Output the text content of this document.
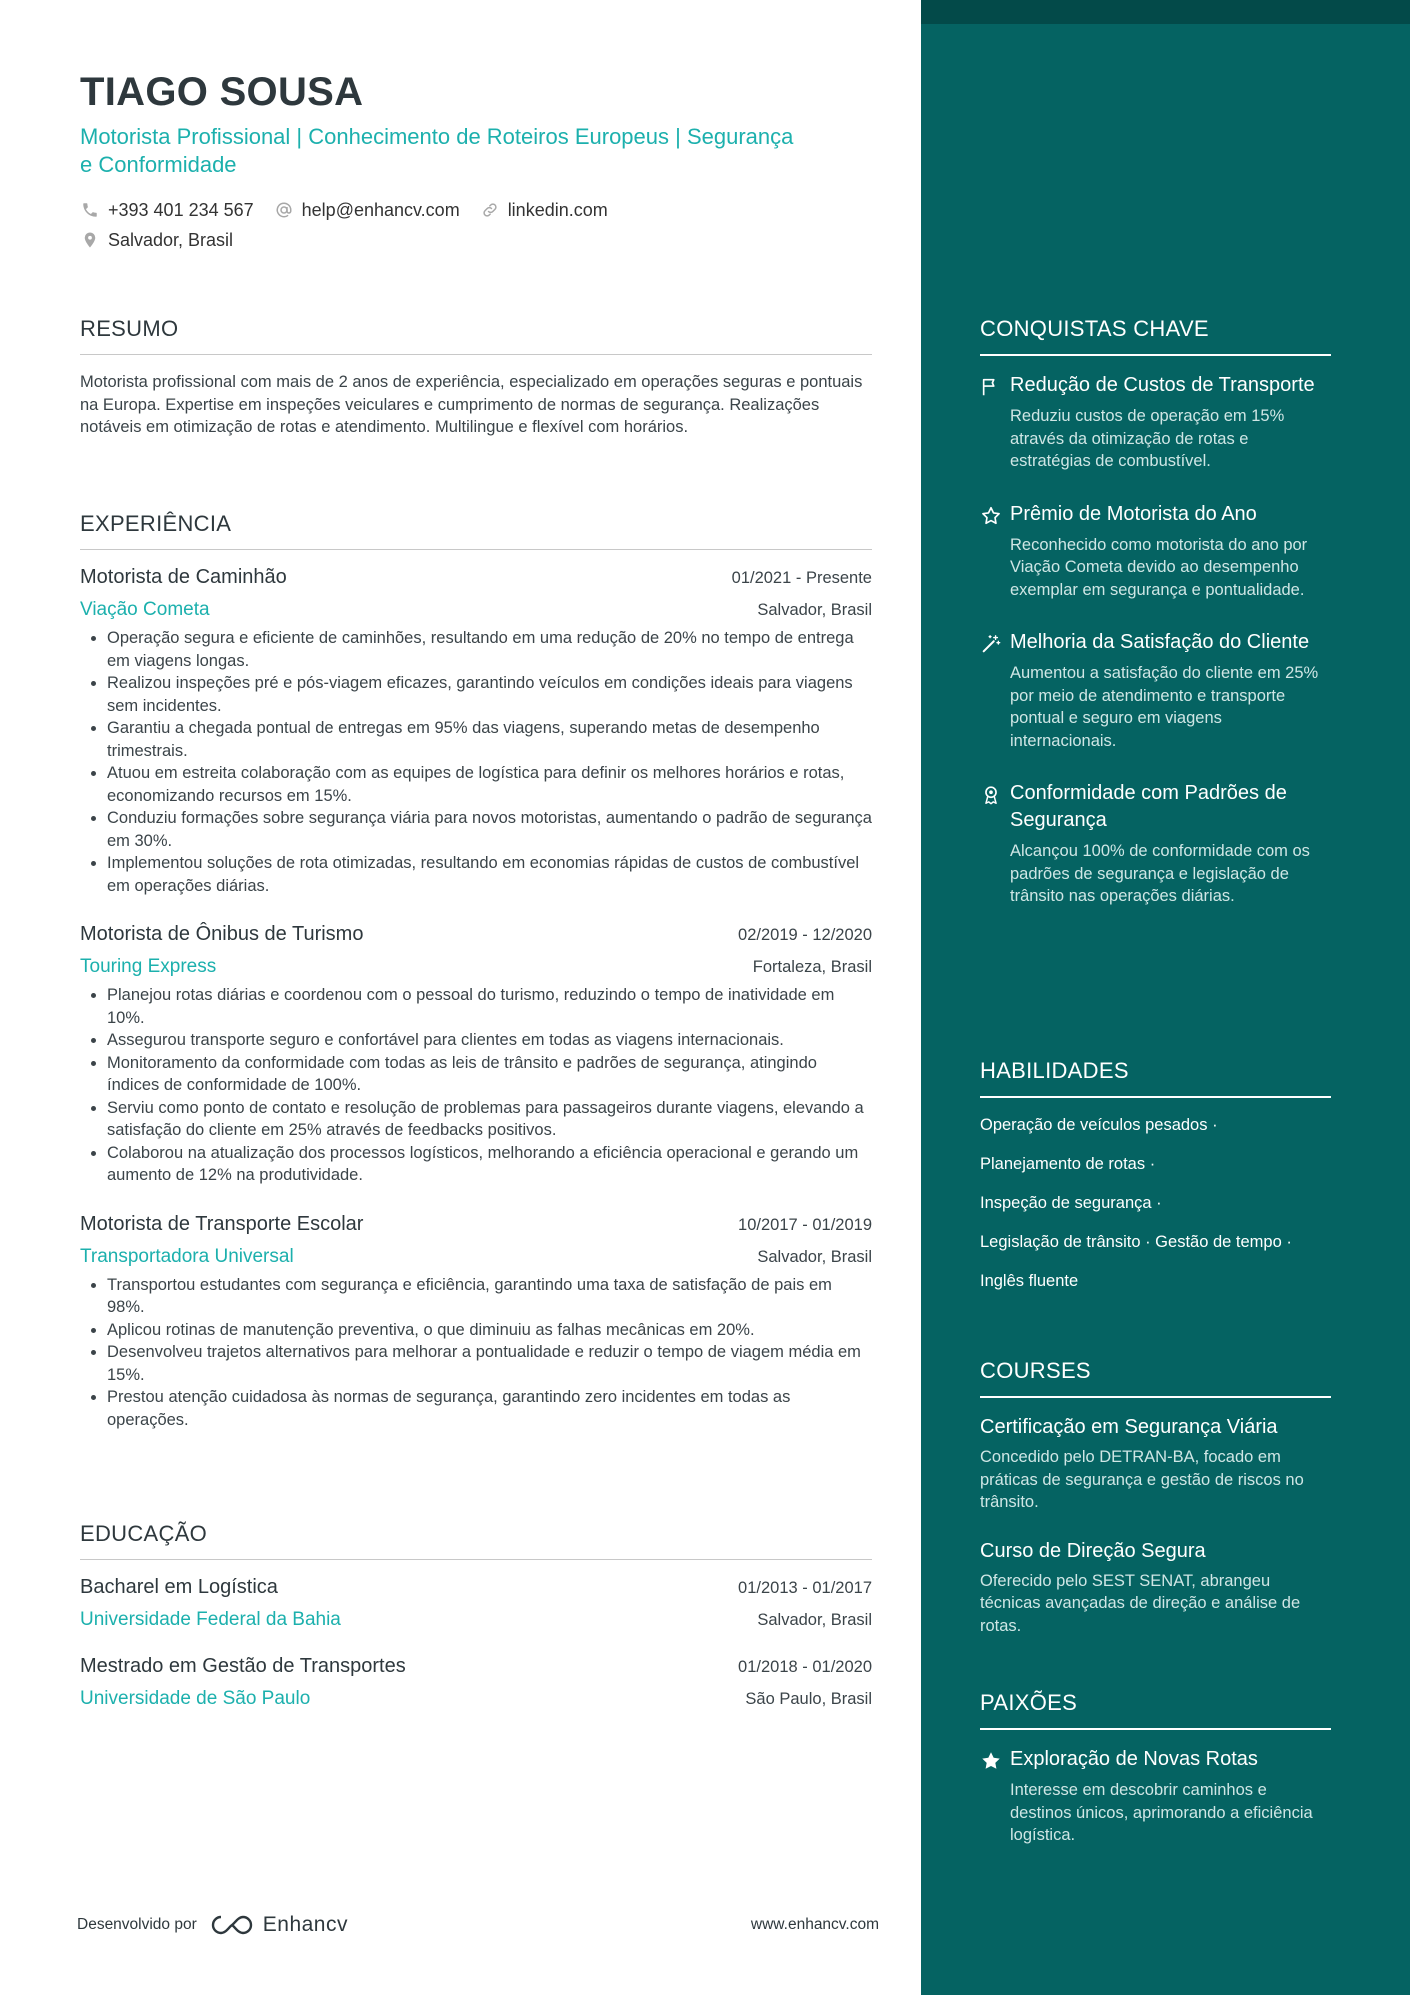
TIAGO SOUSA
Motorista Profissional | Conhecimento de Roteiros Europeus | Segurança e Conformidade
+393 401 234 567	help@enhancv.com	linkedin.com
Salvador, Brasil
RESUMO
Motorista profissional com mais de 2 anos de experiência, especializado em operações seguras e pontuais na Europa. Expertise em inspeções veiculares e cumprimento de normas de segurança. Realizações notáveis em otimização de rotas e atendimento. Multilingue e flexível com horários.
EXPERIÊNCIA
Motorista de Caminhão	01/2021 - Presente
Viação Cometa	Salvador, Brasil
• Operação segura e eficiente de caminhões, resultando em uma redução de 20% no tempo de entrega em viagens longas.
• Realizou inspeções pré e pós-viagem eficazes, garantindo veículos em condições ideais para viagens sem incidentes.
• Garantiu a chegada pontual de entregas em 95% das viagens, superando metas de desempenho trimestrais.
• Atuou em estreita colaboração com as equipes de logística para definir os melhores horários e rotas, economizando recursos em 15%.
• Conduziu formações sobre segurança viária para novos motoristas, aumentando o padrão de segurança em 30%.
• Implementou soluções de rota otimizadas, resultando em economias rápidas de custos de combustível em operações diárias.
Motorista de Ônibus de Turismo	02/2019 - 12/2020
Touring Express	Fortaleza, Brasil
• Planejou rotas diárias e coordenou com o pessoal do turismo, reduzindo o tempo de inatividade em 10%.
• Assegurou transporte seguro e confortável para clientes em todas as viagens internacionais.
• Monitoramento da conformidade com todas as leis de trânsito e padrões de segurança, atingindo índices de conformidade de 100%.
• Serviu como ponto de contato e resolução de problemas para passageiros durante viagens, elevando a satisfação do cliente em 25% através de feedbacks positivos.
• Colaborou na atualização dos processos logísticos, melhorando a eficiência operacional e gerando um aumento de 12% na produtividade.
Motorista de Transporte Escolar	10/2017 - 01/2019
Transportadora Universal	Salvador, Brasil
• Transportou estudantes com segurança e eficiência, garantindo uma taxa de satisfação de pais em 98%.
• Aplicou rotinas de manutenção preventiva, o que diminuiu as falhas mecânicas em 20%.
• Desenvolveu trajetos alternativos para melhorar a pontualidade e reduzir o tempo de viagem média em 15%.
• Prestou atenção cuidadosa às normas de segurança, garantindo zero incidentes em todas as operações.
EDUCAÇÃO
Bacharel em Logística	01/2013 - 01/2017
Universidade Federal da Bahia	Salvador, Brasil
Mestrado em Gestão de Transportes	01/2018 - 01/2020
Universidade de São Paulo	São Paulo, Brasil
CONQUISTAS CHAVE
Redução de Custos de Transporte
Reduziu custos de operação em 15% através da otimização de rotas e estratégias de combustível.
Prêmio de Motorista do Ano
Reconhecido como motorista do ano por Viação Cometa devido ao desempenho exemplar em segurança e pontualidade.
Melhoria da Satisfação do Cliente
Aumentou a satisfação do cliente em 25% por meio de atendimento e transporte pontual e seguro em viagens internacionais.
Conformidade com Padrões de Segurança
Alcançou 100% de conformidade com os padrões de segurança e legislação de trânsito nas operações diárias.
HABILIDADES
Operação de veículos pesados ·
Planejamento de rotas ·
Inspeção de segurança ·
Legislação de trânsito · Gestão de tempo ·
Inglês fluente
COURSES
Certificação em Segurança Viária
Concedido pelo DETRAN-BA, focado em práticas de segurança e gestão de riscos no trânsito.
Curso de Direção Segura
Oferecido pelo SEST SENAT, abrangeu técnicas avançadas de direção e análise de rotas.
PAIXÕES
Exploração de Novas Rotas
Interesse em descobrir caminhos e destinos únicos, aprimorando a eficiência logística.
Desenvolvido por	Enhancv	www.enhancv.com
